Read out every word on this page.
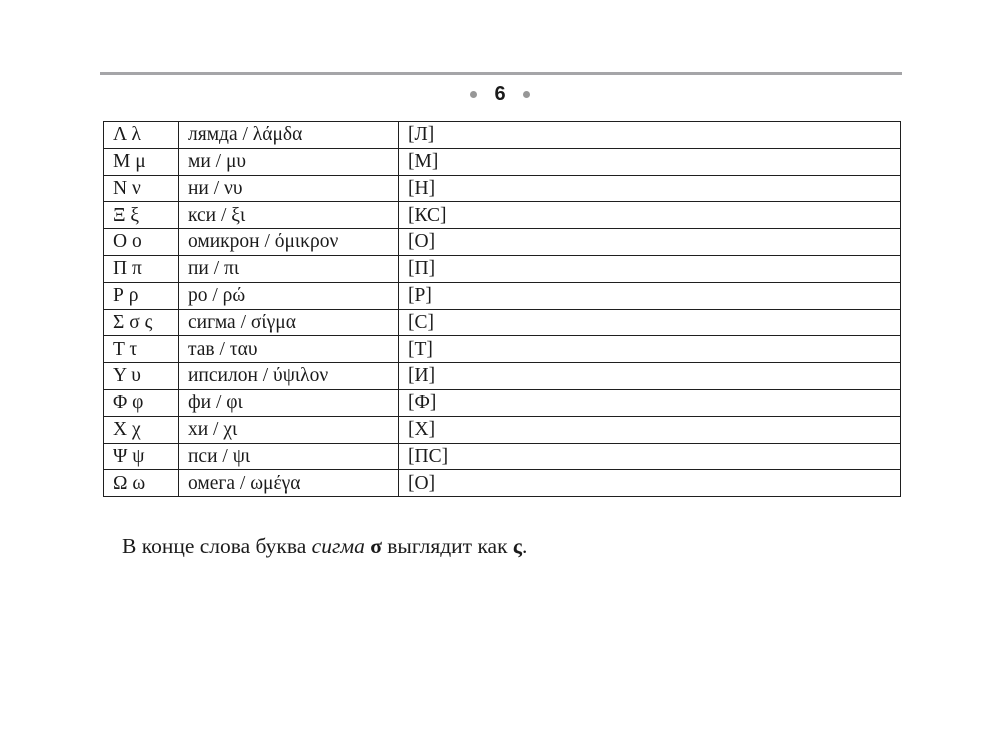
6
Λ λ	лямда / λάμδα	[Л]
Μ μ	ми / μυ	[М]
Ν ν	ни / νυ	[Н]
Ξ ξ	кси / ξι	[КС]
Ο ο	омикрон / όμικρον	[О]
Π π	пи / πι	[П]
Ρ ρ	ро / ρώ	[Р]
Σ σ ς	сигма / σίγμα	[С]
Τ τ	тав / ταυ	[Т]
Υ υ	ипсилон / ύψιλον	[И]
Φ φ	фи / φι	[Ф]
Χ χ	хи / χι	[Х]
Ψ ψ	пси / ψι	[ПС]
Ω ω	омега / ωμέγα	[О]

В конце слова буква сигма σ выглядит как ς.
